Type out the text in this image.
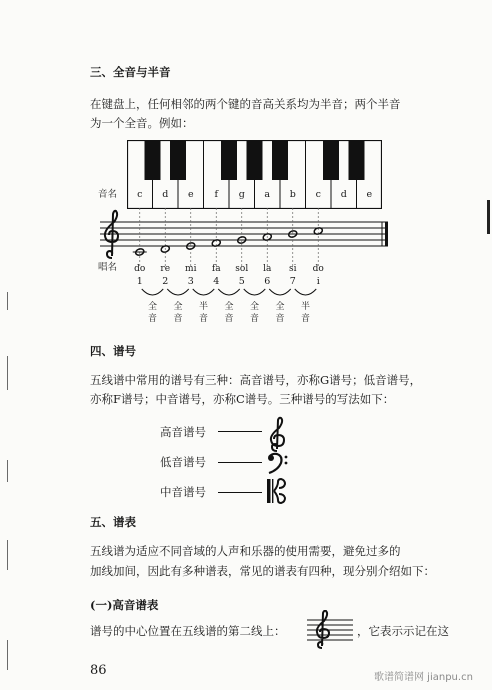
三、全音与半音
在键盘上，任何相邻的两个键的音高关系均为半音；两个半音
为一个全音。例如：
音名	c	d	e	f	g	a	b	c	d	e
唱名	do	re	mi	fa	sol	la	si	do
1	2	3	4	5	6	7	i
全
音
全
音
半
音
全
音
全
音
全
音
半
音
四、谱号
五线谱中常用的谱号有三种：高音谱号，亦称G谱号；低音谱号，
亦称F谱号；中音谱号，亦称C谱号。三种谱号的写法如下：
高音谱号
低音谱号
中音谱号
五、谱表
五线谱为适应不同音域的人声和乐器的使用需要，避免过多的
加线加间，因此有多种谱表，常见的谱表有四种，现分别介绍如下：
(一)高音谱表
谱号的中心位置在五线谱的第二线上：	，它表示示记在这
86	歌谱简谱网 jianpu.cn
